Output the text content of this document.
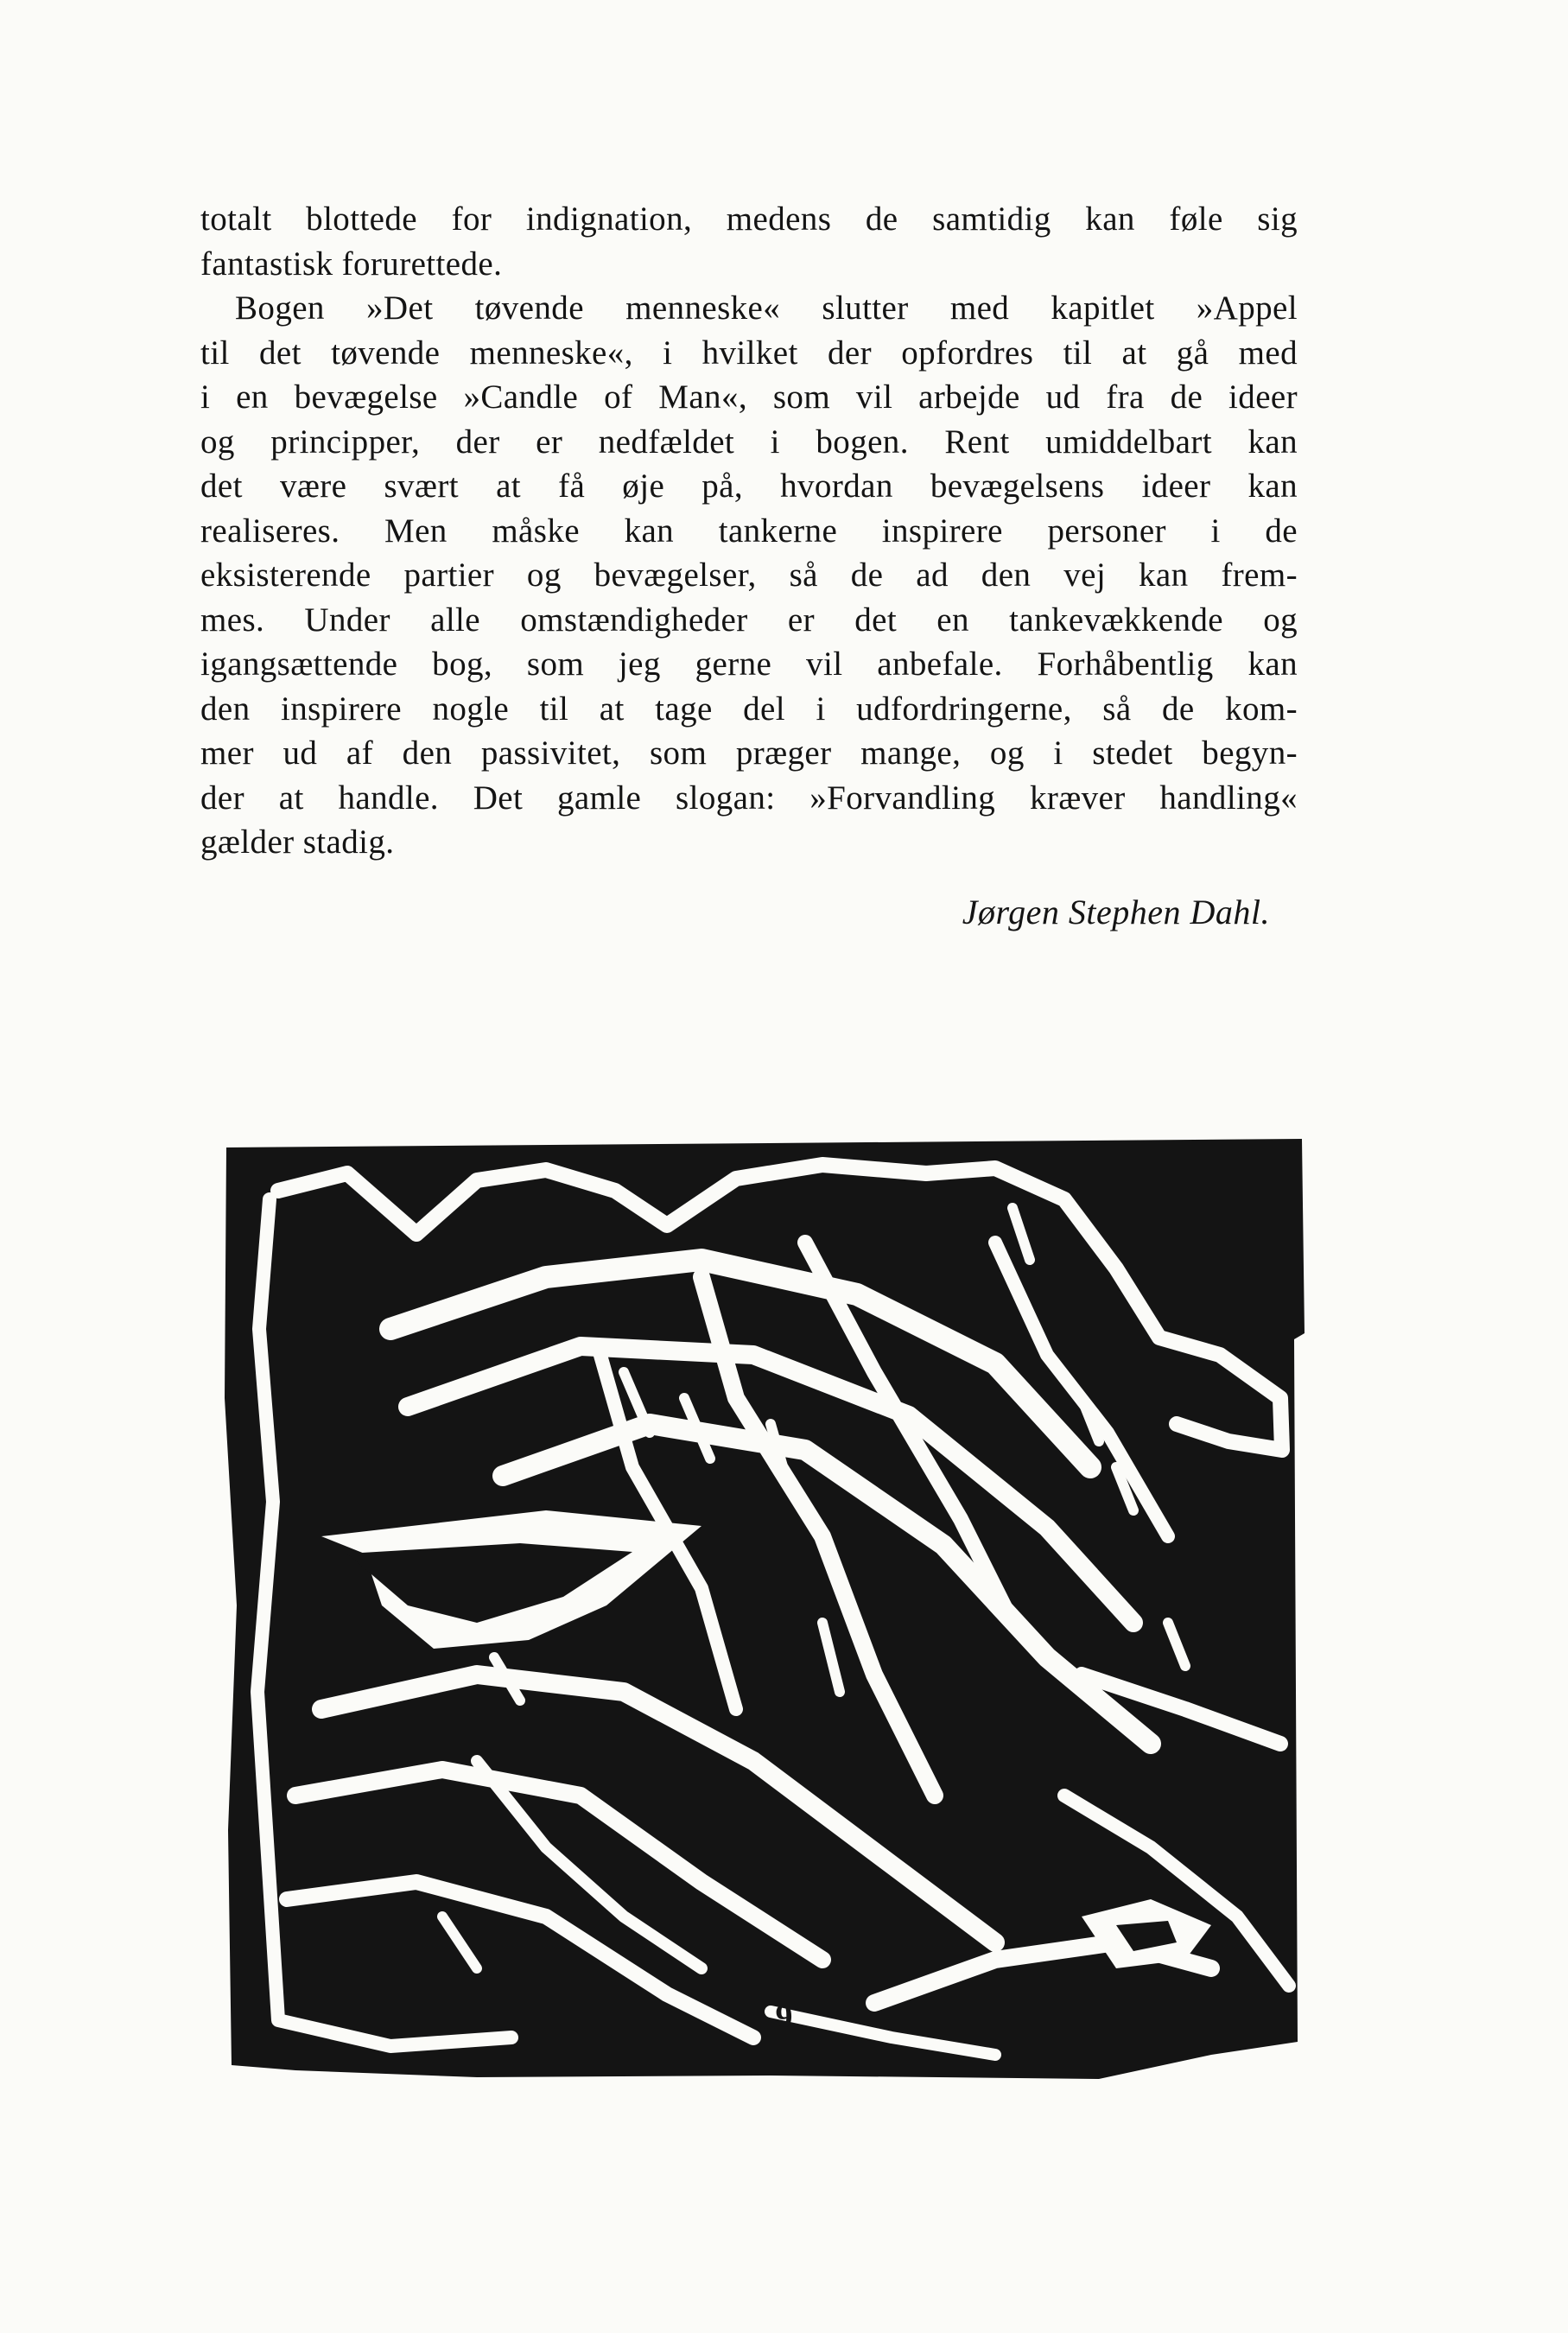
totalt blottede for indignation, medens de samtidig kan føle sig
fantastisk forurettede.
Bogen »Det tøvende menneske« slutter med kapitlet »Appel
til det tøvende menneske«, i hvilket der opfordres til at gå med
i en bevægelse »Candle of Man«, som vil arbejde ud fra de ideer
og principper, der er nedfældet i bogen. Rent umiddelbart kan
det være svært at få øje på, hvordan bevægelsens ideer kan
realiseres. Men måske kan tankerne inspirere personer i de
eksisterende partier og bevægelser, så de ad den vej kan frem-
mes. Under alle omstændigheder er det en tankevækkende og
igangsættende bog, som jeg gerne vil anbefale. Forhåbentlig kan
den inspirere nogle til at tage del i udfordringerne, så de kom-
mer ud af den passivitet, som præger mange, og i stedet begyn-
der at handle. Det gamle slogan: »Forvandling kræver handling«
gælder stadig.
Jørgen Stephen Dahl.
9
